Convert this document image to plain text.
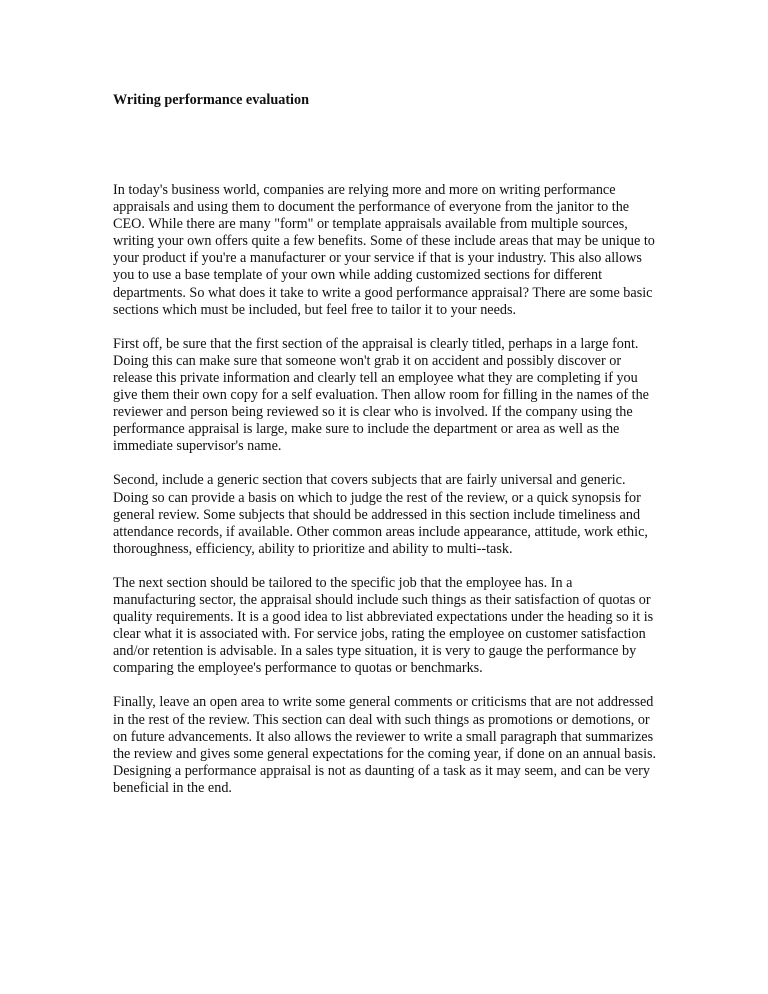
Writing performance evaluation

In today's business world, companies are relying more and more on writing performance appraisals and using them to document the performance of everyone from the janitor to the CEO. While there are many "form" or template appraisals available from multiple sources, writing your own offers quite a few benefits. Some of these include areas that may be unique to your product if you're a manufacturer or your service if that is your industry. This also allows you to use a base template of your own while adding customized sections for different departments. So what does it take to write a good performance appraisal? There are some basic sections which must be included, but feel free to tailor it to your needs.

First off, be sure that the first section of the appraisal is clearly titled, perhaps in a large font. Doing this can make sure that someone won't grab it on accident and possibly discover or release this private information and clearly tell an employee what they are completing if you give them their own copy for a self evaluation. Then allow room for filling in the names of the reviewer and person being reviewed so it is clear who is involved. If the company using the performance appraisal is large, make sure to include the department or area as well as the immediate supervisor's name.

Second, include a generic section that covers subjects that are fairly universal and generic. Doing so can provide a basis on which to judge the rest of the review, or a quick synopsis for general review. Some subjects that should be addressed in this section include timeliness and attendance records, if available. Other common areas include appearance, attitude, work ethic, thoroughness, efficiency, ability to prioritize and ability to multi--task.

The next section should be tailored to the specific job that the employee has. In a manufacturing sector, the appraisal should include such things as their satisfaction of quotas or quality requirements. It is a good idea to list abbreviated expectations under the heading so it is clear what it is associated with. For service jobs, rating the employee on customer satisfaction and/or retention is advisable. In a sales type situation, it is very to gauge the performance by comparing the employee's performance to quotas or benchmarks.

Finally, leave an open area to write some general comments or criticisms that are not addressed in the rest of the review. This section can deal with such things as promotions or demotions, or on future advancements. It also allows the reviewer to write a small paragraph that summarizes the review and gives some general expectations for the coming year, if done on an annual basis. Designing a performance appraisal is not as daunting of a task as it may seem, and can be very beneficial in the end.
